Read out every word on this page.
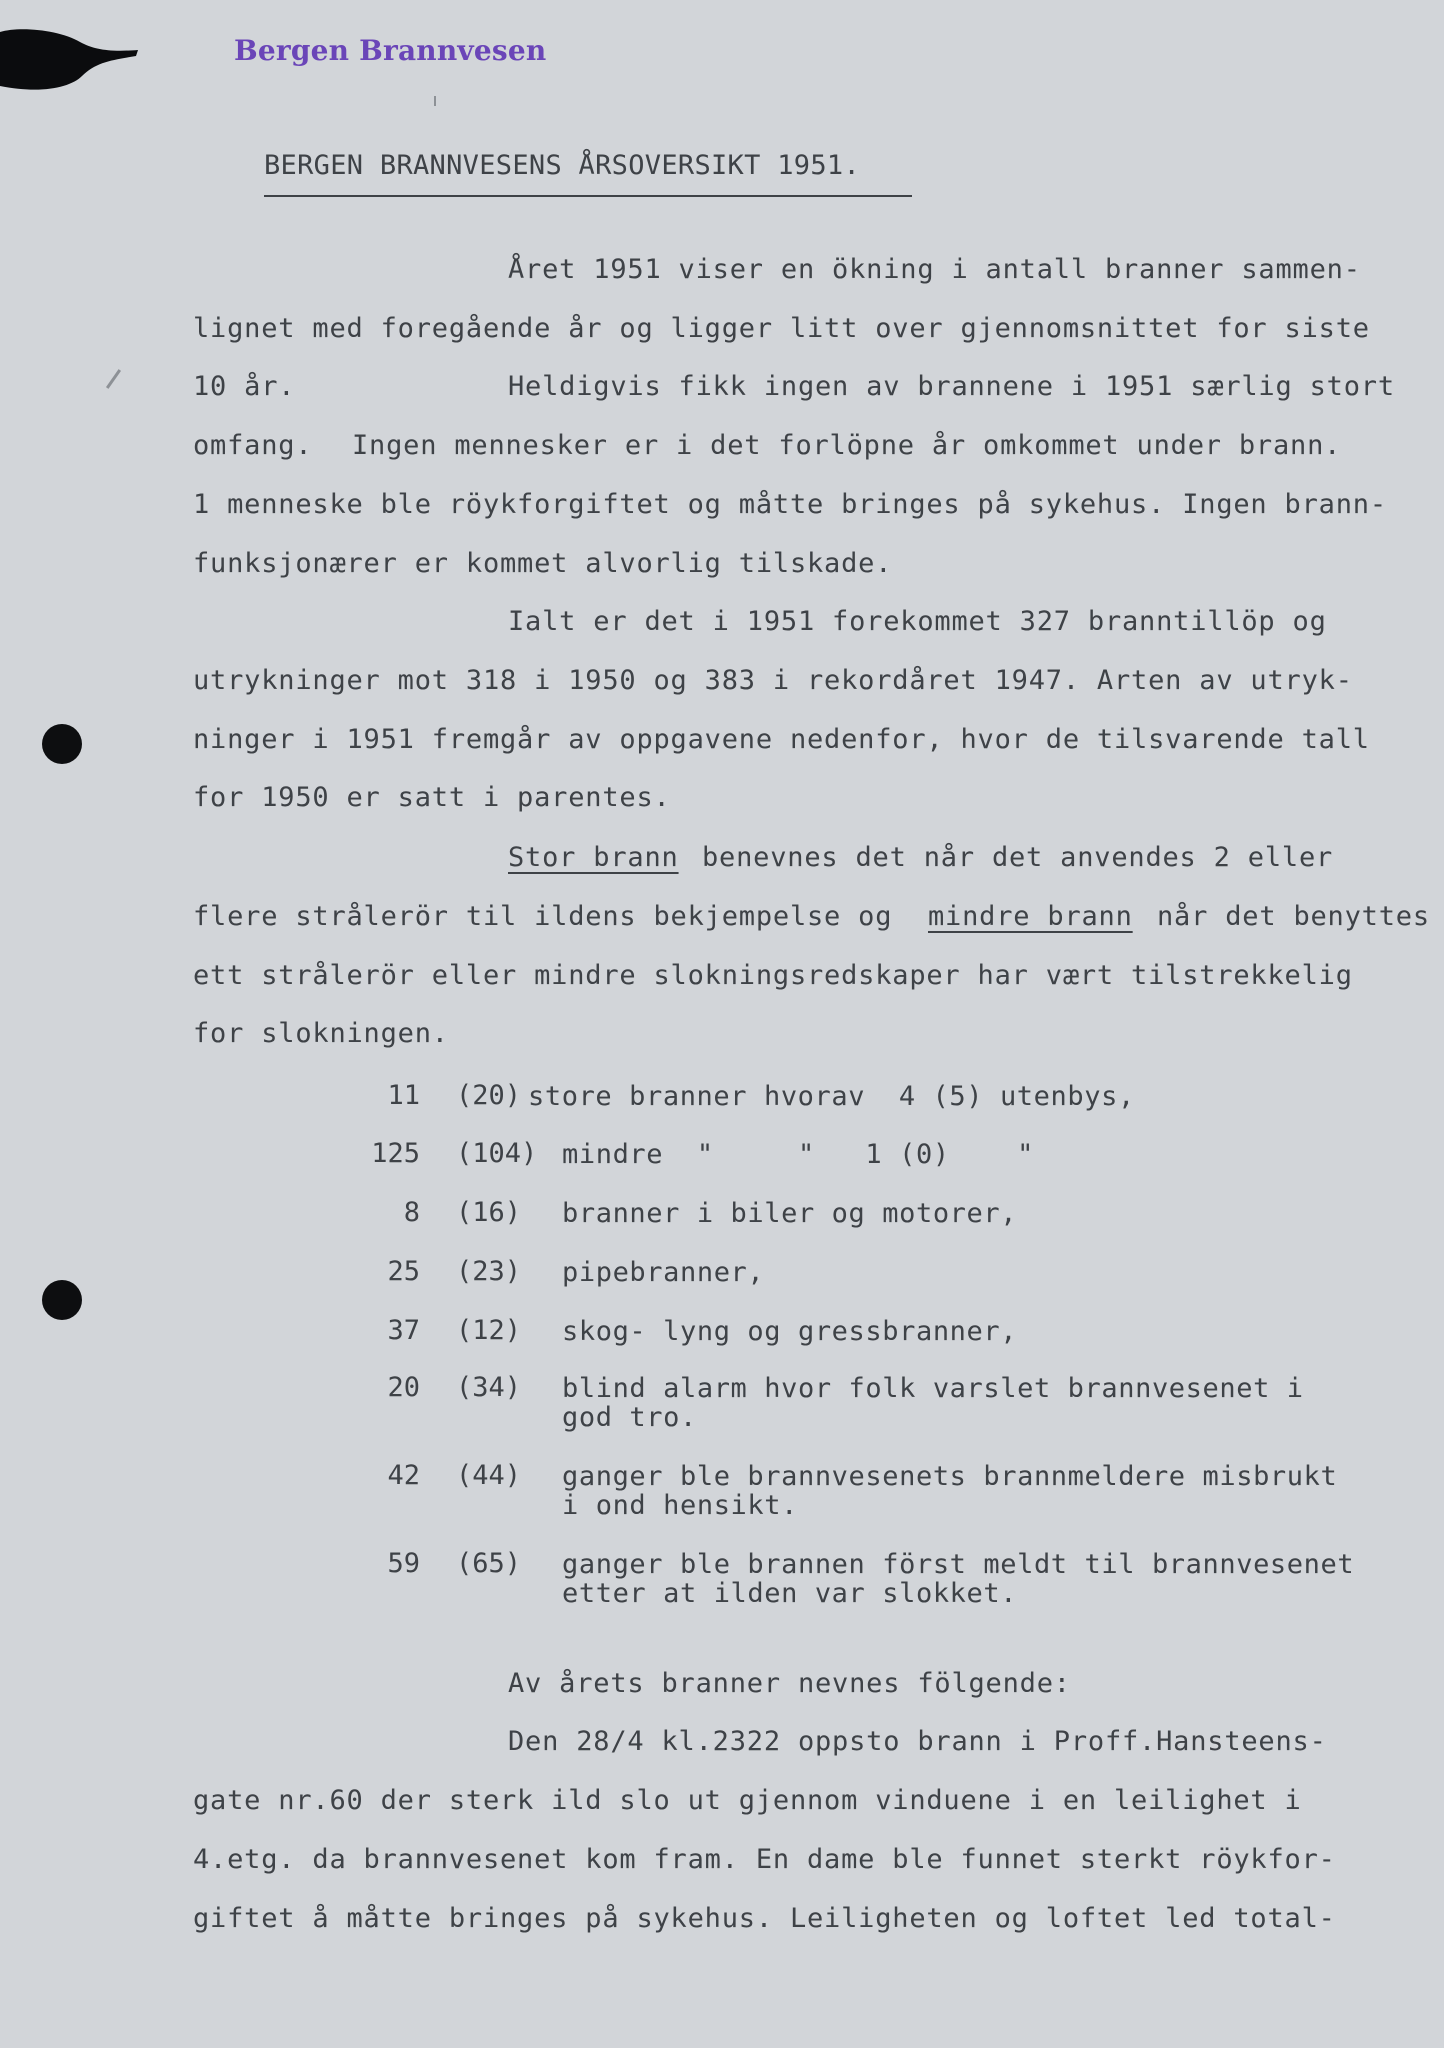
Bergen Brannvesen
BERGEN BRANNVESENS ÅRSOVERSIKT 1951.
Året 1951 viser en ökning i antall branner sammen-
lignet med foregående år og ligger litt over gjennomsnittet for siste
10 år.	Heldigvis fikk ingen av brannene i 1951 særlig stort
omfang. Ingen mennesker er i det forlöpne år omkommet under brann.
1 menneske ble röykforgiftet og måtte bringes på sykehus. Ingen brann-
funksjonærer er kommet alvorlig tilskade.
Ialt er det i 1951 forekommet 327 branntillöp og
utrykninger mot 318 i 1950 og 383 i rekordåret 1947. Arten av utryk-
ninger i 1951 fremgår av oppgavene nedenfor, hvor de tilsvarende tall
for 1950 er satt i parentes.
Stor brann benevnes det når det anvendes 2 eller
flere strålerör til ildens bekjempelse og mindre brann når det benyttes
ett strålerör eller mindre slokningsredskaper har vært tilstrekkelig
for slokningen.
11 (20) store branner hvorav  4 (5) utenbys,
125 (104) mindre  "     "   1 (0)    "
8 (16) branner i biler og motorer,
25 (23) pipebranner,
37 (12) skog- lyng og gressbranner,
20 (34) blind alarm hvor folk varslet brannvesenet i
god tro.
42 (44) ganger ble brannvesenets brannmeldere misbrukt
i ond hensikt.
59 (65) ganger ble brannen först meldt til brannvesenet
etter at ilden var slokket.
Av årets branner nevnes fölgende:
Den 28/4 kl.2322 oppsto brann i Proff.Hansteens-
gate nr.60 der sterk ild slo ut gjennom vinduene i en leilighet i
4.etg. da brannvesenet kom fram. En dame ble funnet sterkt röykfor-
giftet å måtte bringes på sykehus. Leiligheten og loftet led total-
